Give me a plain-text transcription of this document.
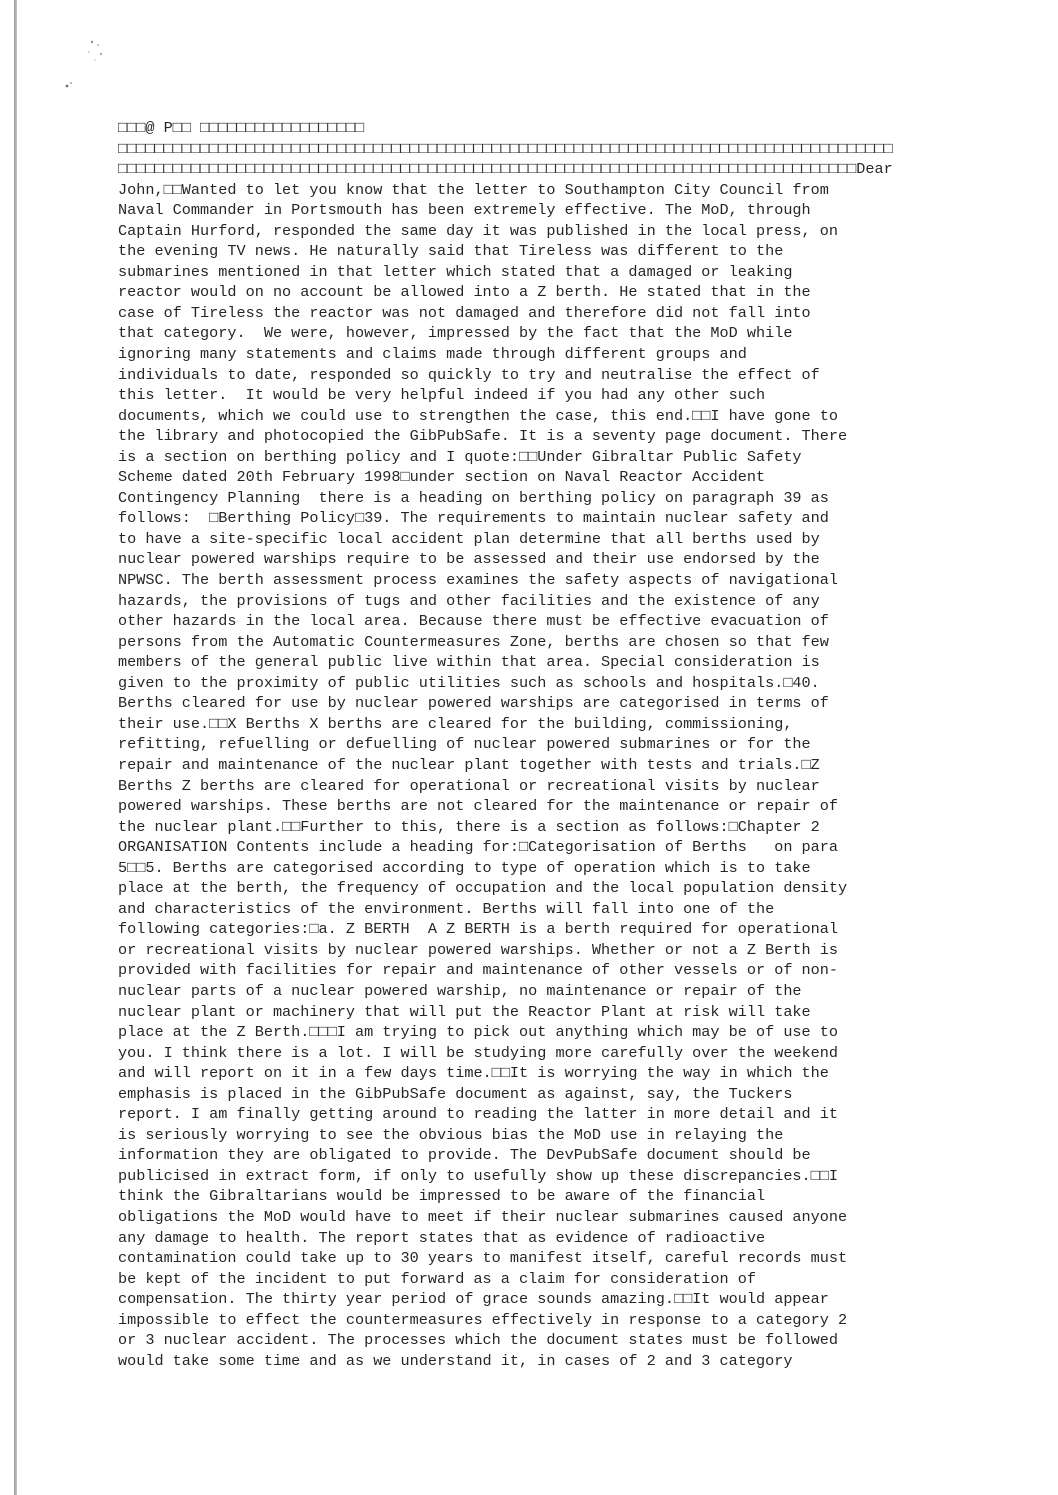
□□□@ P□□ □□□□□□□□□□□□□□□□□□
□□□□□□□□□□□□□□□□□□□□□□□□□□□□□□□□□□□□□□□□□□□□□□□□□□□□□□□□□□□□□□□□□□□□□□□□□□□□□□□□□□□□□
□□□□□□□□□□□□□□□□□□□□□□□□□□□□□□□□□□□□□□□□□□□□□□□□□□□□□□□□□□□□□□□□□□□□□□□□□□□□□□□□□Dear
John,□□Wanted to let you know that the letter to Southampton City Council from
Naval Commander in Portsmouth has been extremely effective. The MoD, through
Captain Hurford, responded the same day it was published in the local press, on
the evening TV news. He naturally said that Tireless was different to the
submarines mentioned in that letter which stated that a damaged or leaking
reactor would on no account be allowed into a Z berth. He stated that in the
case of Tireless the reactor was not damaged and therefore did not fall into
that category.  We were, however, impressed by the fact that the MoD while
ignoring many statements and claims made through different groups and
individuals to date, responded so quickly to try and neutralise the effect of
this letter.  It would be very helpful indeed if you had any other such
documents, which we could use to strengthen the case, this end.□□I have gone to
the library and photocopied the GibPubSafe. It is a seventy page document. There
is a section on berthing policy and I quote:□□Under Gibraltar Public Safety
Scheme dated 20th February 1998□under section on Naval Reactor Accident
Contingency Planning  there is a heading on berthing policy on paragraph 39 as
follows:  □Berthing Policy□39. The requirements to maintain nuclear safety and
to have a site-specific local accident plan determine that all berths used by
nuclear powered warships require to be assessed and their use endorsed by the
NPWSC. The berth assessment process examines the safety aspects of navigational
hazards, the provisions of tugs and other facilities and the existence of any
other hazards in the local area. Because there must be effective evacuation of
persons from the Automatic Countermeasures Zone, berths are chosen so that few
members of the general public live within that area. Special consideration is
given to the proximity of public utilities such as schools and hospitals.□40.
Berths cleared for use by nuclear powered warships are categorised in terms of
their use.□□X Berths X berths are cleared for the building, commissioning,
refitting, refuelling or defuelling of nuclear powered submarines or for the
repair and maintenance of the nuclear plant together with tests and trials.□Z
Berths Z berths are cleared for operational or recreational visits by nuclear
powered warships. These berths are not cleared for the maintenance or repair of
the nuclear plant.□□Further to this, there is a section as follows:□Chapter 2
ORGANISATION Contents include a heading for:□Categorisation of Berths   on para
5□□5. Berths are categorised according to type of operation which is to take
place at the berth, the frequency of occupation and the local population density
and characteristics of the environment. Berths will fall into one of the
following categories:□a. Z BERTH  A Z BERTH is a berth required for operational
or recreational visits by nuclear powered warships. Whether or not a Z Berth is
provided with facilities for repair and maintenance of other vessels or of non-
nuclear parts of a nuclear powered warship, no maintenance or repair of the
nuclear plant or machinery that will put the Reactor Plant at risk will take
place at the Z Berth.□□□I am trying to pick out anything which may be of use to
you. I think there is a lot. I will be studying more carefully over the weekend
and will report on it in a few days time.□□It is worrying the way in which the
emphasis is placed in the GibPubSafe document as against, say, the Tuckers
report. I am finally getting around to reading the latter in more detail and it
is seriously worrying to see the obvious bias the MoD use in relaying the
information they are obligated to provide. The DevPubSafe document should be
publicised in extract form, if only to usefully show up these discrepancies.□□I
think the Gibraltarians would be impressed to be aware of the financial
obligations the MoD would have to meet if their nuclear submarines caused anyone
any damage to health. The report states that as evidence of radioactive
contamination could take up to 30 years to manifest itself, careful records must
be kept of the incident to put forward as a claim for consideration of
compensation. The thirty year period of grace sounds amazing.□□It would appear
impossible to effect the countermeasures effectively in response to a category 2
or 3 nuclear accident. The processes which the document states must be followed
would take some time and as we understand it, in cases of 2 and 3 category
